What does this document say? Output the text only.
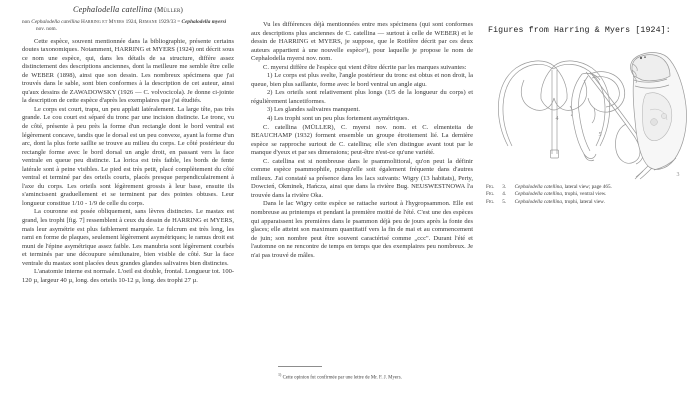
Cephalodella catellina (Müller)
non Cephalodella catellina Harring et Myers 1924, Remane 1929/33 = Cephalodella myersi
nov. nom.

Cette espèce, souvent mentionnée dans la bibliographie, présente certains doutes taxonomiques. Notamment, HARRING et MYERS (1924) ont décrit sous ce nom une espèce, qui, dans les détails de sa structure, diffère assez distinctement des descriptions anciennes, dont la meilleure me semble être celle de WEBER (1898), ainsi que son dessin. Les nombreux spécimens que j'ai trouvés dans le sable, sont bien conformes à la description de cet auteur, ainsi qu'aux dessins de ZAWADOWSKY (1926 — C. volvocicola). Je donne ci-jointe la description de cette espèce d'après les exemplaires que j'ai étudiés.

Le corps est court, trapu, un peu applati latéralement. La large tête, pas très grande. Le cou court est séparé du tronc par une incision distincte. Le tronc, vu de côté, présente à peu près la forme d'un rectangle dont le bord ventral est légèrement concave, tandis que le dorsal est un peu convexe, ayant la forme d'un arc, dont la plus forte saillie se trouve au milieu du corps. Le côté postérieur du rectangle forme avec le bord dorsal un angle droit, en passant vers la face ventrale en queue peu distincte. La lorica est très faible, les bords de fente latérale sont à peine visibles. Le pied est très petit, placé complètement du côté ventral et terminé par des orteils courts, placés presque perpendiculairement à l'axe du corps. Les orteils sont légèrement grossis à leur base, ensuite ils s'amincissent graduellement et se terminent par des pointes obtuses. Leur longueur constitue 1/10 - 1/9 de celle du corps.

La couronne est posée obliquement, sans lèvres distinctes. Le mastax est grand, les trophi [fig. 7] ressemblent à ceux du dessin de HARRING et MYERS, mais leur asymétrie est plus faiblement marquée. Le fulcrum est très long, les rami en forme de plaques, seulement légèrement asymétriques; le ramus droit est muni de l'épine asymétrique assez faible. Les manubria sont légèrement courbés et terminés par une découpure sémilunaire, bien visible de côté. Sur la face ventrale du mastax sont placées deux grandes glandes salivaires bien distinctes.

L'anatomie interne est normale. L'oeil est double, frontal. Longueur tot. 100-120 µ, largeur 40 µ, long. des orteils 10-12 µ, long. des trophi 27 µ.

Vu les différences déjà mentionnées entre mes spécimens (qui sont conformes aux descriptions plus anciennes de C. catellina — surtout à celle de WEBER) et le dessin de HARRING et MYERS, je suppose, que le Rotifère décrit par ces deux auteurs appartient à une nouvelle espèce¹), pour laquelle je propose le nom de Cephalodella myersi nov. nom.

C. myersi diffère de l'espèce qui vient d'être décrite par les marques suivantes:

1) Le corps est plus svelte, l'angle postérieur du tronc est obtus et non droit, la queue, bien plus saillante, forme avec le bord ventral un angle aigu.

2) Les orteils sont relativement plus longs (1/5 de la longueur du corps) et régulièrement lancetiformes.

3) Les glandes salivaires manquent.

4) Les trophi sont un peu plus fortement asymétriques.

C. catellina (MÜLLER), C. myersi nov. nom. et C. elmenteita de BEAUCHAMP (1932) forment ensemble un groupe étroitement lié. La dernière espèce se rapproche surtout de C. catellina; elle s'en distingue avant tout par le manque d'yeux et par ses dimensions; peut-être n'est-ce qu'une variété.

C. catellina est si nombreuse dans le psammolittoral, qu'on peut la définir comme espèce psammophile, puisqu'elle soit également fréquente dans d'autres milieux. J'ai constaté sa présence dans les lacs suivants: Wigry (13 habitats), Perty, Dowcień, Okminek, Hańcza, ainsi que dans la rivière Bug. NEUSWESTNOWA l'a trouvée dans la rivière Oka.

Dans le lac Wigry cette espèce se rattache surtout à l'hygropsammon. Elle est nombreuse au printemps et pendant la première moitié de l'été. C'est une des espèces qui apparaissent les premières dans le psammon déjà peu de jours après la fonte des glaces; elle atteint son maximum quantitatif vers la fin de mai et au commencement de juin; son nombre peut être souvent caractérisé comme „ccc". Durant l'été et l'automne on ne rencontre de temps en temps que des exemplaires peu nombreux. Je n'ai pas trouvé de mâles.

$^{1)}$ Cette opinion fut confirmée par une lettre de Mr. F. J. Myers.
Figures from Harring & Myers [1924]:
4
5
3
Fig. 3. Cephalodella catellina, lateral view; page 465.
Fig. 4. Cephalodella catellina, trophi, ventral view.
Fig. 5. Cephalodella catellina, trophi, lateral view.
